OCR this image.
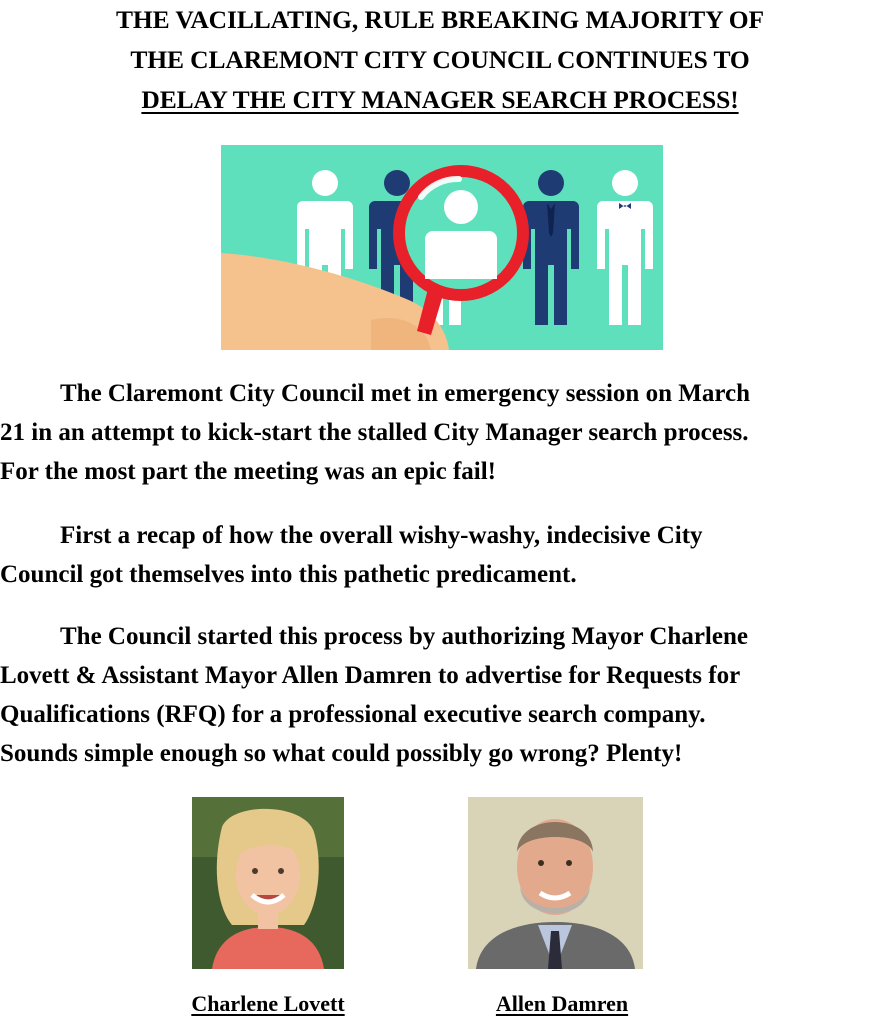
THE VACILLATING, RULE BREAKING MAJORITY OF
THE CLAREMONT CITY COUNCIL CONTINUES TO
DELAY THE CITY MANAGER SEARCH PROCESS!
The Claremont City Council met in emergency session on March
21 in an attempt to kick-start the stalled City Manager search process.
For the most part the meeting was an epic fail!
First a recap of how the overall wishy-washy, indecisive City
Council got themselves into this pathetic predicament.
The Council started this process by authorizing Mayor Charlene
Lovett & Assistant Mayor Allen Damren to advertise for Requests for
Qualifications (RFQ) for a professional executive search company.
Sounds simple enough so what could possibly go wrong? Plenty!
Charlene Lovett	Allen Damren
